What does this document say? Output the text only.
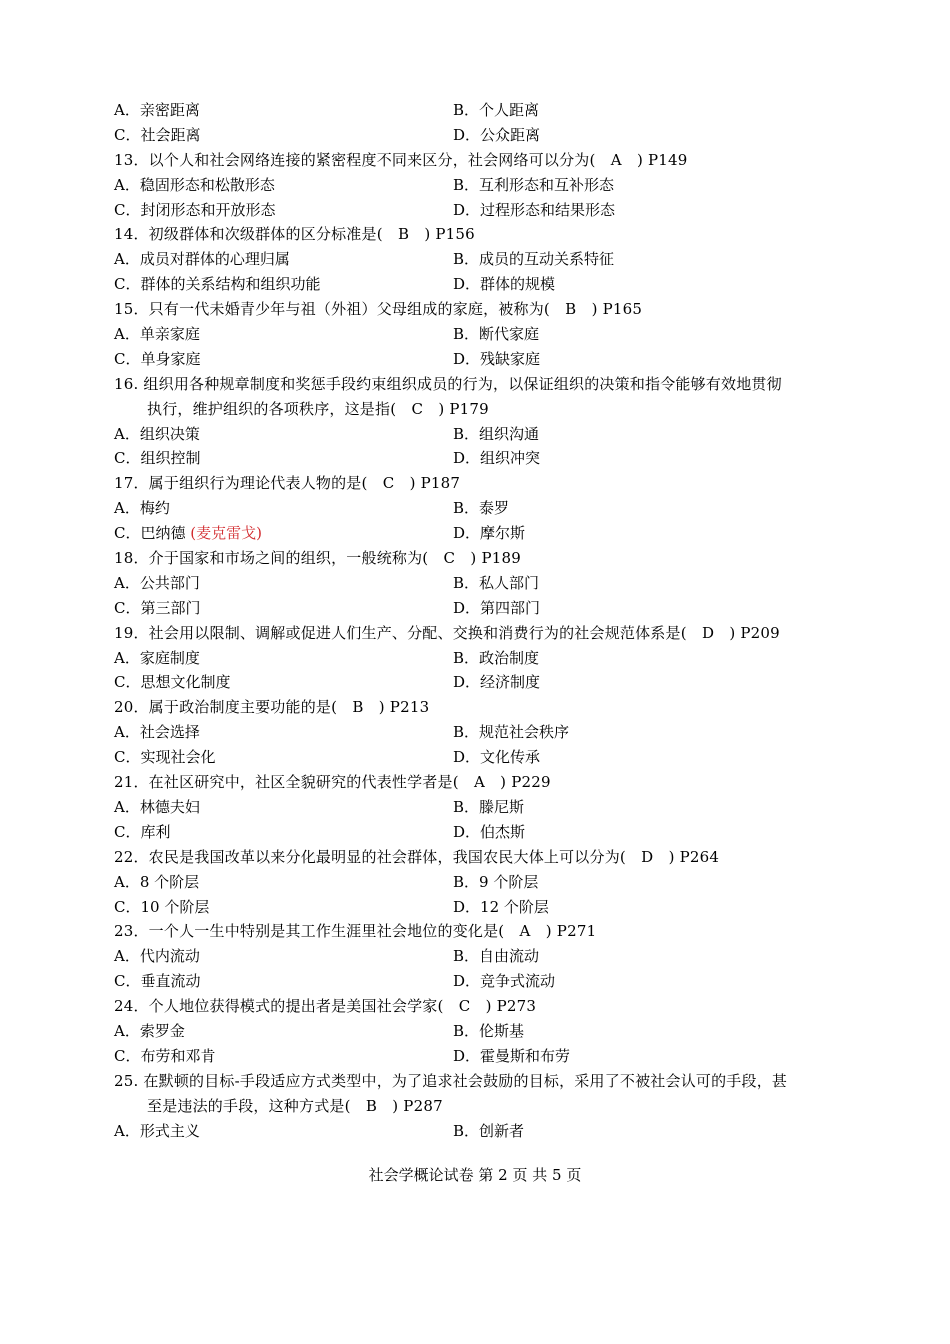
A．亲密距离	B．个人距离
C．社会距离	D．公众距离
13．以个人和社会网络连接的紧密程度不同来区分，社会网络可以分为(　A　) P149
A．稳固形态和松散形态	B．互利形态和互补形态
C．封闭形态和开放形态	D．过程形态和结果形态
14．初级群体和次级群体的区分标准是(　B　) P156
A．成员对群体的心理归属	B．成员的互动关系特征
C．群体的关系结构和组织功能	D．群体的规模
15．只有一代未婚青少年与祖（外祖）父母组成的家庭，被称为(　B　) P165
A．单亲家庭	B．断代家庭
C．单身家庭	D．残缺家庭
16. 组织用各种规章制度和奖惩手段约束组织成员的行为，以保证组织的决策和指令能够有效地贯彻
执行，维护组织的各项秩序，这是指(　C　) P179
A．组织决策	B．组织沟通
C．组织控制	D．组织冲突
17．属于组织行为理论代表人物的是(　C　) P187
A．梅约	B．泰罗
C．巴纳德 (麦克雷戈)	D．摩尔斯
18．介于国家和市场之间的组织，一般统称为(　C　) P189
A．公共部门	B．私人部门
C．第三部门	D．第四部门
19．社会用以限制、调解或促进人们生产、分配、交换和消费行为的社会规范体系是(　D　) P209
A．家庭制度	B．政治制度
C．思想文化制度	D．经济制度
20．属于政治制度主要功能的是(　B　) P213
A．社会选择	B．规范社会秩序
C．实现社会化	D．文化传承
21．在社区研究中，社区全貌研究的代表性学者是(　A　) P229
A．林德夫妇	B．滕尼斯
C．库利	D．伯杰斯
22．农民是我国改革以来分化最明显的社会群体，我国农民大体上可以分为(　D　) P264
A．8 个阶层	B．9 个阶层
C．10 个阶层	D．12 个阶层
23．一个人一生中特别是其工作生涯里社会地位的变化是(　A　) P271
A．代内流动	B．自由流动
C．垂直流动	D．竞争式流动
24．个人地位获得模式的提出者是美国社会学家(　C　) P273
A．索罗金	B．伦斯基
C．布劳和邓肯	D．霍曼斯和布劳
25. 在默顿的目标-手段适应方式类型中，为了追求社会鼓励的目标，采用了不被社会认可的手段，甚
至是违法的手段，这种方式是(　B　) P287
A．形式主义	B．创新者
社会学概论试卷 第 2 页 共 5 页
